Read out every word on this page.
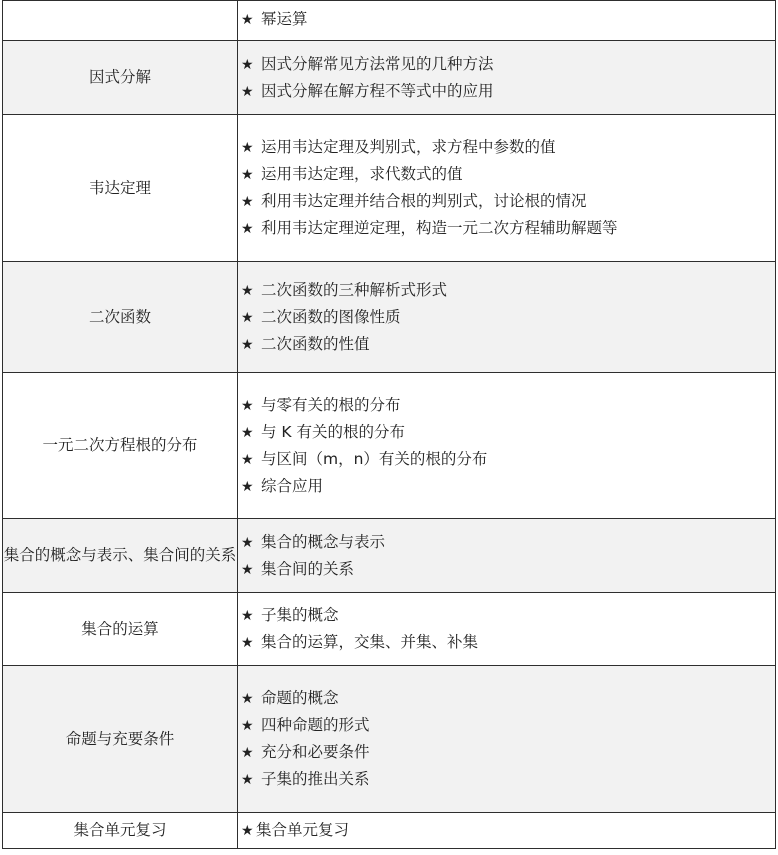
	★ 幂运算

因式分解	★ 因式分解常见方法常见的几种方法
★ 因式分解在解方程不等式中的应用

韦达定理	★ 运用韦达定理及判别式，求方程中参数的值
★ 运用韦达定理，求代数式的值
★ 利用韦达定理并结合根的判别式，讨论根的情况
★ 利用韦达定理逆定理，构造一元二次方程辅助解题等

二次函数	★ 二次函数的三种解析式形式
★ 二次函数的图像性质
★ 二次函数的性值

一元二次方程根的分布	★ 与零有关的根的分布
★ 与 K 有关的根的分布
★ 与区间（m，n）有关的根的分布
★ 综合应用

集合的概念与表示、集合间的关系	★ 集合的概念与表示
★ 集合间的关系

集合的运算	★ 子集的概念
★ 集合的运算，交集、并集、补集

命题与充要条件	★ 命题的概念
★ 四种命题的形式
★ 充分和必要条件
★ 子集的推出关系

集合单元复习	★ 集合单元复习
